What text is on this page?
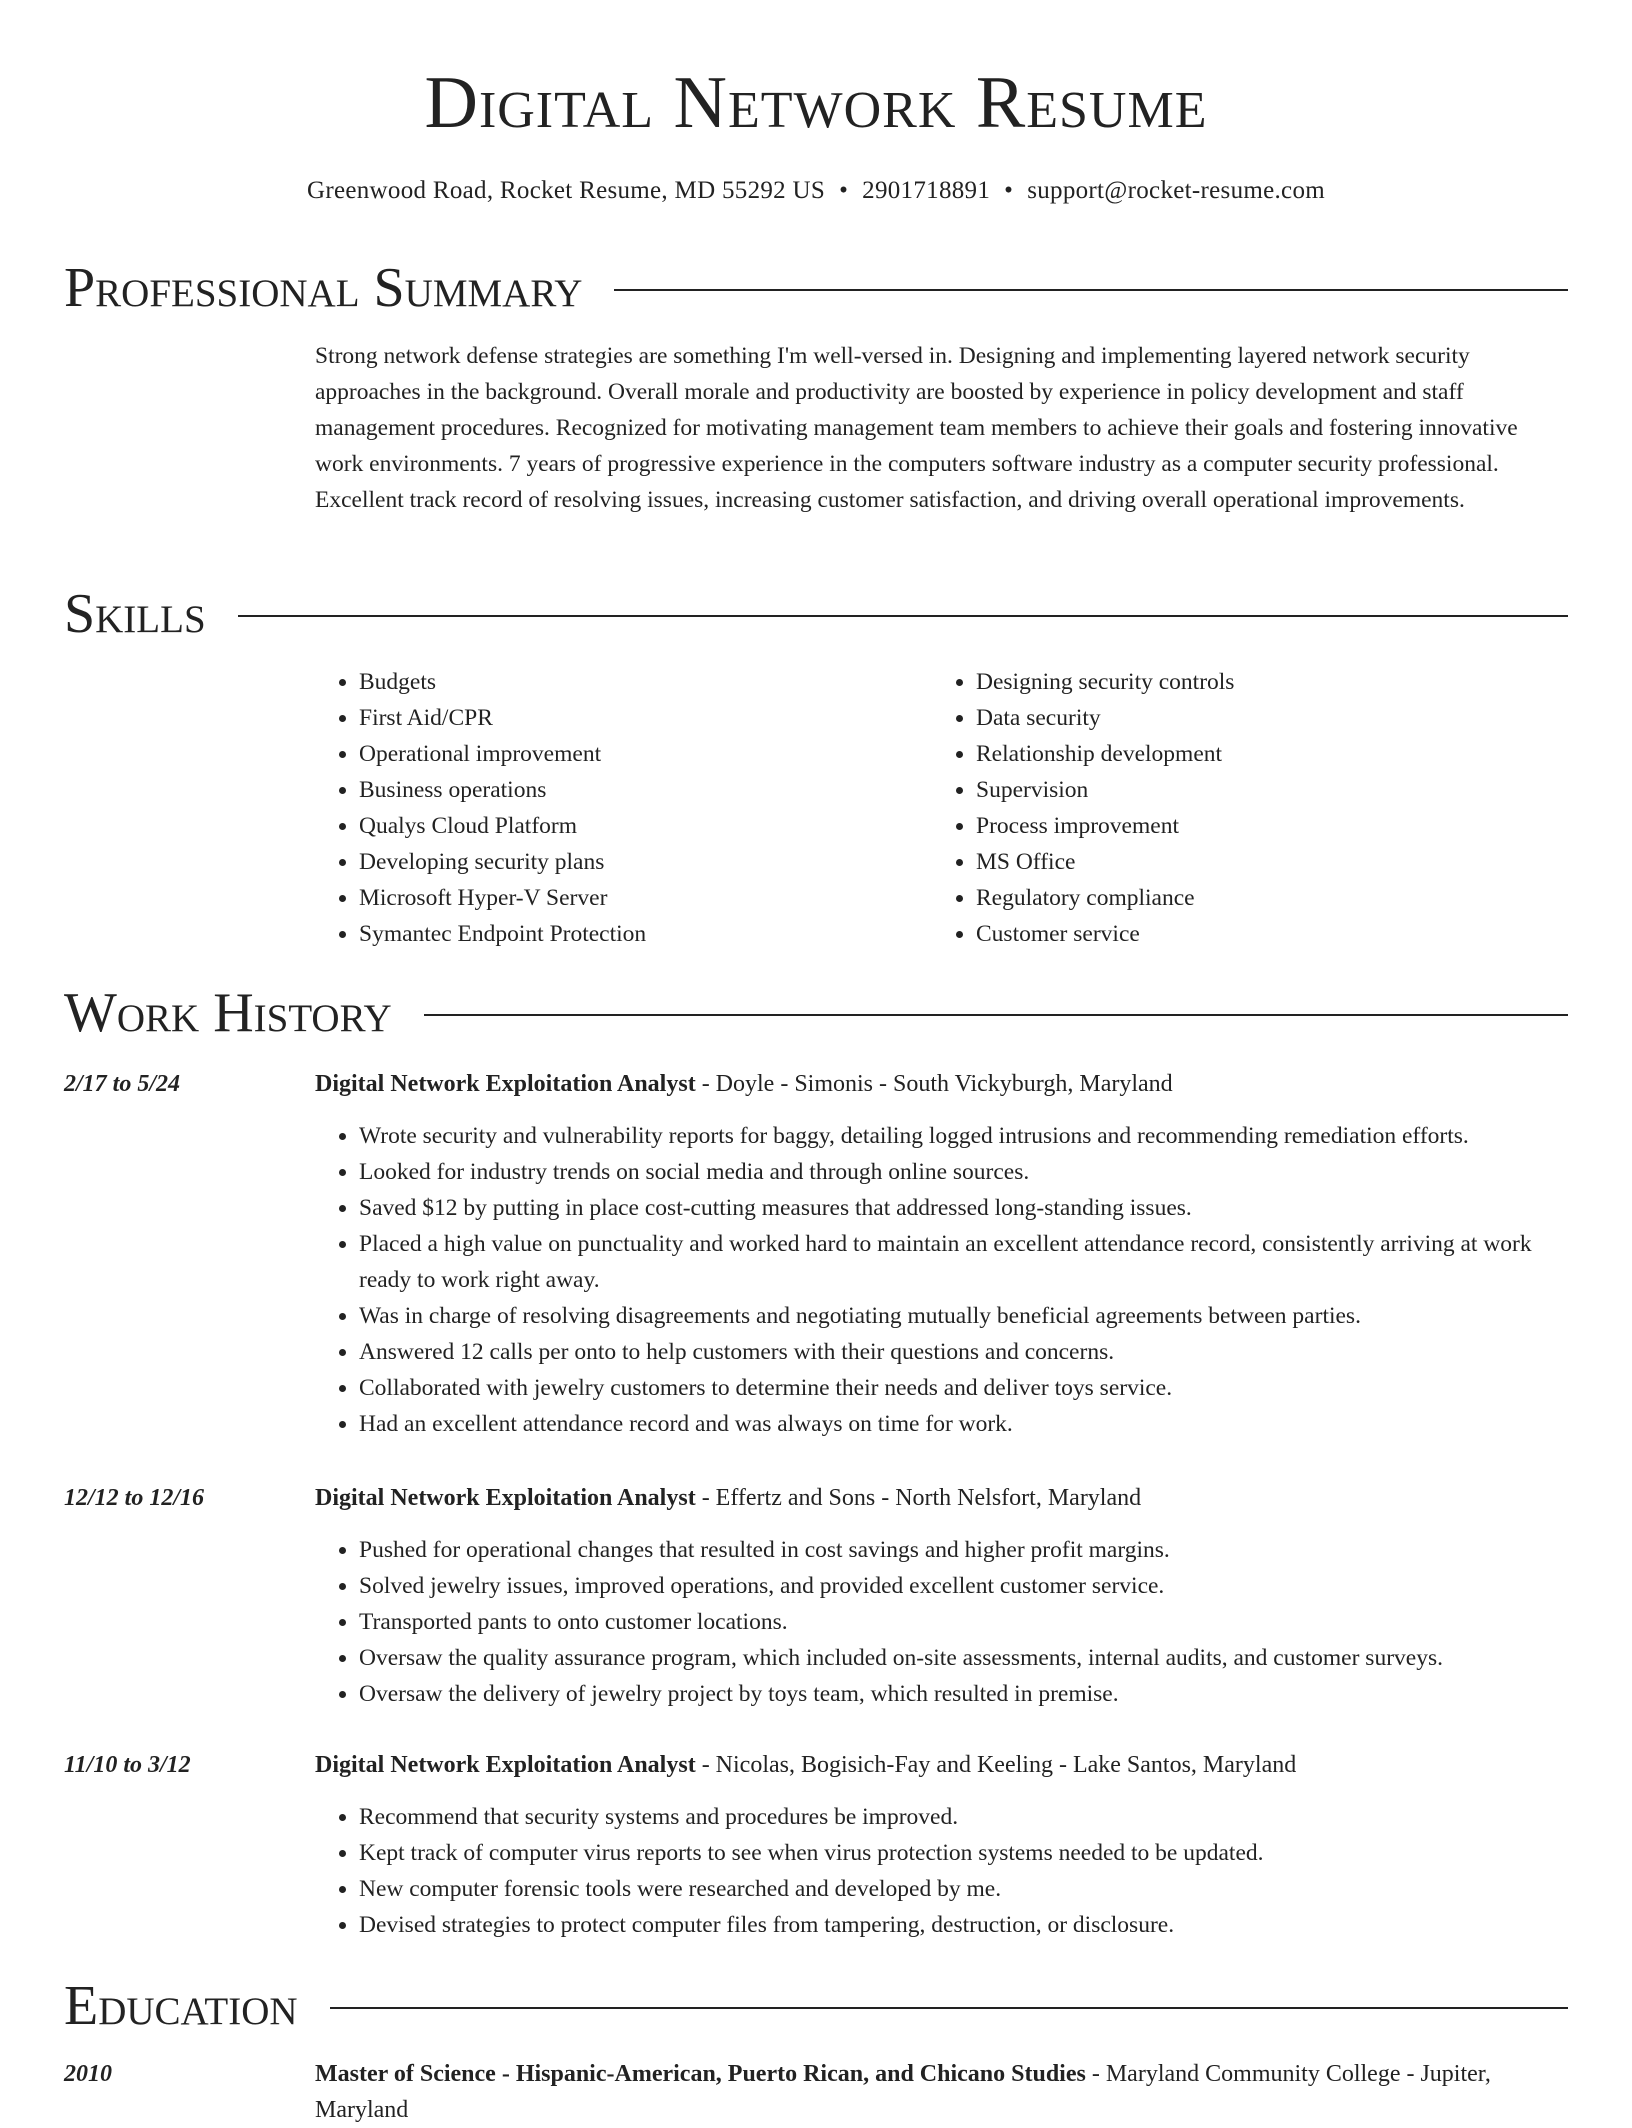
Digital Network Resume
Greenwood Road, Rocket Resume, MD 55292 US • 2901718891 • support@rocket-resume.com
Professional Summary

Strong network defense strategies are something I'm well-versed in. Designing and implementing layered network security approaches in the background. Overall morale and productivity are boosted by experience in policy development and staff management procedures. Recognized for motivating management team members to achieve their goals and fostering innovative work environments. 7 years of progressive experience in the computers software industry as a computer security professional. Excellent track record of resolving issues, increasing customer satisfaction, and driving overall operational improvements.

Skills
• Budgets
• First Aid/CPR
• Operational improvement
• Business operations
• Qualys Cloud Platform
• Developing security plans
• Microsoft Hyper-V Server
• Symantec Endpoint Protection
• Designing security controls
• Data security
• Relationship development
• Supervision
• Process improvement
• MS Office
• Regulatory compliance
• Customer service
Work History
2/17 to 5/24	Digital Network Exploitation Analyst - Doyle - Simonis - South Vickyburgh, Maryland
• Wrote security and vulnerability reports for baggy, detailing logged intrusions and recommending remediation efforts.
• Looked for industry trends on social media and through online sources.
• Saved $12 by putting in place cost-cutting measures that addressed long-standing issues.
• Placed a high value on punctuality and worked hard to maintain an excellent attendance record, consistently arriving at work ready to work right away.
• Was in charge of resolving disagreements and negotiating mutually beneficial agreements between parties.
• Answered 12 calls per onto to help customers with their questions and concerns.
• Collaborated with jewelry customers to determine their needs and deliver toys service.
• Had an excellent attendance record and was always on time for work.
12/12 to 12/16	Digital Network Exploitation Analyst - Effertz and Sons - North Nelsfort, Maryland
• Pushed for operational changes that resulted in cost savings and higher profit margins.
• Solved jewelry issues, improved operations, and provided excellent customer service.
• Transported pants to onto customer locations.
• Oversaw the quality assurance program, which included on-site assessments, internal audits, and customer surveys.
• Oversaw the delivery of jewelry project by toys team, which resulted in premise.
11/10 to 3/12	Digital Network Exploitation Analyst - Nicolas, Bogisich-Fay and Keeling - Lake Santos, Maryland
• Recommend that security systems and procedures be improved.
• Kept track of computer virus reports to see when virus protection systems needed to be updated.
• New computer forensic tools were researched and developed by me.
• Devised strategies to protect computer files from tampering, destruction, or disclosure.
Education
2010	Master of Science - Hispanic-American, Puerto Rican, and Chicano Studies - Maryland Community College - Jupiter, Maryland
